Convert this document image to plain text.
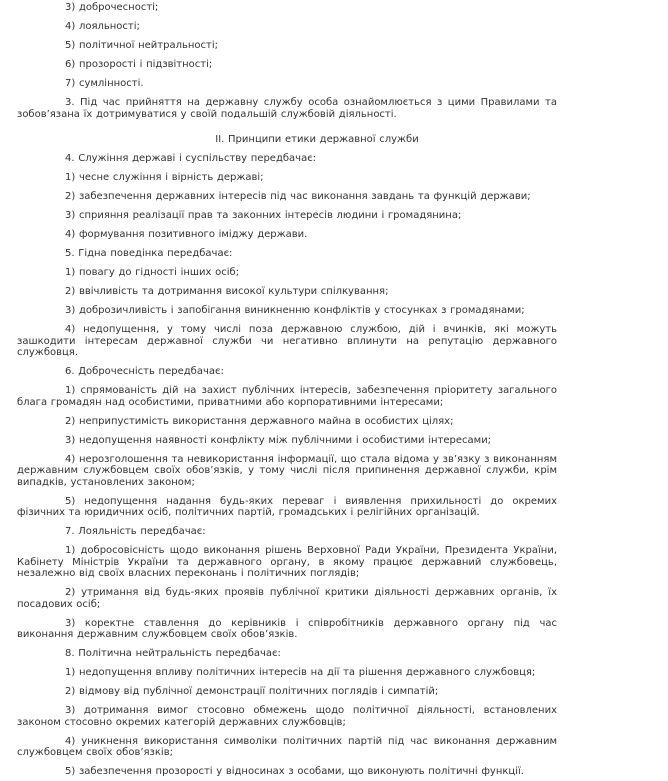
3) доброчесності;

4) лояльності;

5) політичної нейтральності;

6) прозорості і підзвітності;

7) сумлінності.

3. Під час прийняття на державну службу особа ознайомлюється з цими Правилами та зобов’язана їх дотримуватися у своїй подальшій службовій діяльності.

II. Принципи етики державної служби

4. Служіння державі і суспільству передбачає:

1) чесне служіння і вірність державі;

2) забезпечення державних інтересів під час виконання завдань та функцій держави;

3) сприяння реалізації прав та законних інтересів людини і громадянина;

4) формування позитивного іміджу держави.

5. Гідна поведінка передбачає:

1) повагу до гідності інших осіб;

2) ввічливість та дотримання високої культури спілкування;

3) доброзичливість і запобігання виникненню конфліктів у стосунках з громадянами;

4) недопущення, у тому числі поза державною службою, дій і вчинків, які можуть зашкодити інтересам державної служби чи негативно вплинути на репутацію державного службовця.

6. Доброчесність передбачає:

1) спрямованість дій на захист публічних інтересів, забезпечення пріоритету загального блага громадян над особистими, приватними або корпоративними інтересами;

2) неприпустимість використання державного майна в особистих цілях;

3) недопущення наявності конфлікту між публічними і особистими інтересами;

4) нерозголошення та невикористання інформації, що стала відома у зв’язку з виконанням державним службовцем своїх обов’язків, у тому числі після припинення державної служби, крім випадків, установлених законом;

5) недопущення надання будь-яких переваг і виявлення прихильності до окремих фізичних та юридичних осіб, політичних партій, громадських і релігійних організацій.

7. Лояльність передбачає:

1) добросовісність щодо виконання рішень Верховної Ради України, Президента України, Кабінету Міністрів України та державного органу, в якому працює державний службовець, незалежно від своїх власних переконань і політичних поглядів;

2) утримання від будь-яких проявів публічної критики діяльності державних органів, їх посадових осіб;

3) коректне ставлення до керівників і співробітників державного органу під час виконання державним службовцем своїх обов’язків.

8. Політична нейтральність передбачає:

1) недопущення впливу політичних інтересів на дії та рішення державного службовця;

2) відмову від публічної демонстрації політичних поглядів і симпатій;

3) дотримання вимог стосовно обмежень щодо політичної діяльності, встановлених законом стосовно окремих категорій державних службовців;

4) уникнення використання символіки політичних партій під час виконання державним службовцем своїх обов’язків;

5) забезпечення прозорості у відносинах з особами, що виконують політичні функції.
